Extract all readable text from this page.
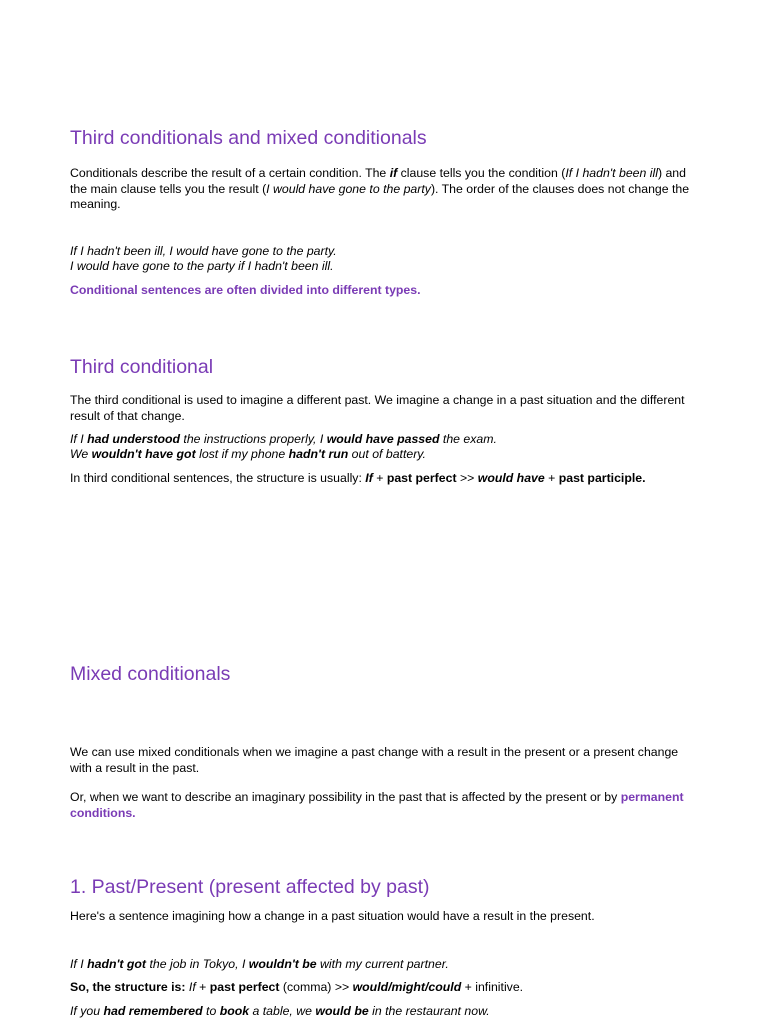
Third conditionals and mixed conditionals

Conditionals describe the result of a certain condition. The if clause tells you the condition (If I hadn't been ill) and the main clause tells you the result (I would have gone to the party). The order of the clauses does not change the meaning.

If I hadn't been ill, I would have gone to the party.

I would have gone to the party if I hadn't been ill.

Conditional sentences are often divided into different types.

Third conditional

The third conditional is used to imagine a different past. We imagine a change in a past situation and the different result of that change.

If I had understood the instructions properly, I would have passed the exam.

We wouldn't have got lost if my phone hadn't run out of battery.

In third conditional sentences, the structure is usually: If + past perfect >> would have + past participle.

Mixed conditionals

We can use mixed conditionals when we imagine a past change with a result in the present or a present change with a result in the past.

Or, when we want to describe an imaginary possibility in the past that is affected by the present or by permanent conditions.

1. Past/Present (present affected by past)

Here's a sentence imagining how a change in a past situation would have a result in the present.

If I hadn't got the job in Tokyo, I wouldn't be with my current partner.

So, the structure is: If + past perfect (comma) >> would/might/could + infinitive.

If you had remembered to book a table, we would be in the restaurant now.
